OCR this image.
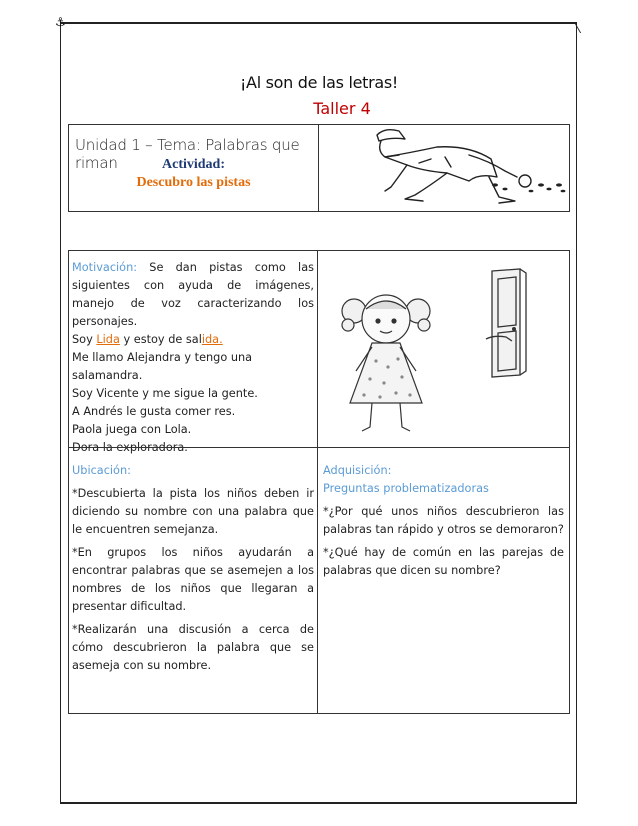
⚓
¡Al son de las letras!
Taller 4
Unidad 1 – Tema: Palabras que riman	Actividad:
Descubro las pistas

Motivación: Se dan pistas como las siguientes con ayuda de imágenes, manejo de voz caracterizando los personajes.

Soy Lida y estoy de salida.

Me llamo Alejandra y tengo una salamandra.

Soy Vicente y me sigue la gente.

A Andrés le gusta comer res.

Paola juega con Lola.

Dora la exploradora.

Ubicación:

*Descubierta la pista los niños deben ir diciendo su nombre con una palabra que le encuentren semejanza.

*En grupos los niños ayudarán a encontrar palabras que se asemejen a los nombres de los niños que llegaran a presentar dificultad.

*Realizarán una discusión a cerca de cómo descubrieron la palabra que se asemeja con su nombre.

Adquisición:

Preguntas problematizadoras

*¿Por qué unos niños descubrieron las palabras tan rápido y otros se demoraron?

*¿Qué hay de común en las parejas de palabras que dicen su nombre?
